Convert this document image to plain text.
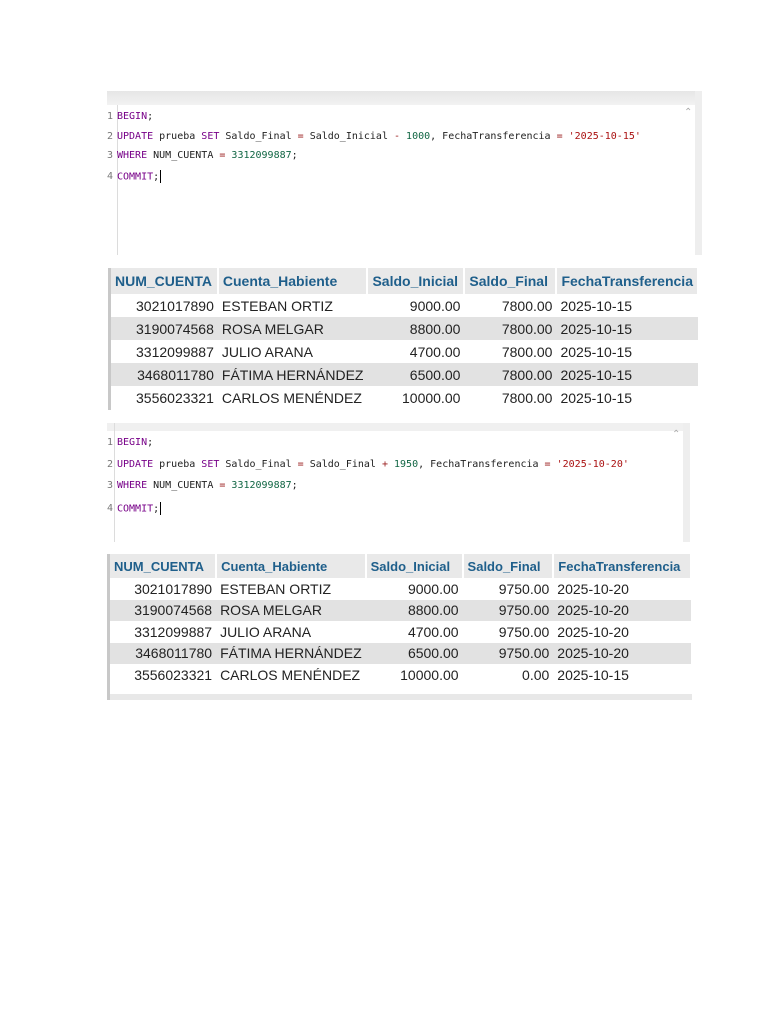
⌃
1 BEGIN;
2 UPDATE prueba SET Saldo_Final = Saldo_Inicial - 1000, FechaTransferencia = '2025-10-15'
3 WHERE NUM_CUENTA = 3312099887;
4 COMMIT;
NUM_CUENTA	Cuenta_Habiente	Saldo_Inicial	Saldo_Final	FechaTransferencia
3021017890	ESTEBAN ORTIZ	9000.00	7800.00	2025-10-15
3190074568	ROSA MELGAR	8800.00	7800.00	2025-10-15
3312099887	JULIO ARANA	4700.00	7800.00	2025-10-15
3468011780	FÁTIMA HERNÁNDEZ	6500.00	7800.00	2025-10-15
3556023321	CARLOS MENÉNDEZ	10000.00	7800.00	2025-10-15
⌃
1 BEGIN;
2 UPDATE prueba SET Saldo_Final = Saldo_Final + 1950, FechaTransferencia = '2025-10-20'
3 WHERE NUM_CUENTA = 3312099887;
4 COMMIT;
NUM_CUENTA	Cuenta_Habiente	Saldo_Inicial	Saldo_Final	FechaTransferencia
3021017890	ESTEBAN ORTIZ	9000.00	9750.00	2025-10-20
3190074568	ROSA MELGAR	8800.00	9750.00	2025-10-20
3312099887	JULIO ARANA	4700.00	9750.00	2025-10-20
3468011780	FÁTIMA HERNÁNDEZ	6500.00	9750.00	2025-10-20
3556023321	CARLOS MENÉNDEZ	10000.00	0.00	2025-10-15
